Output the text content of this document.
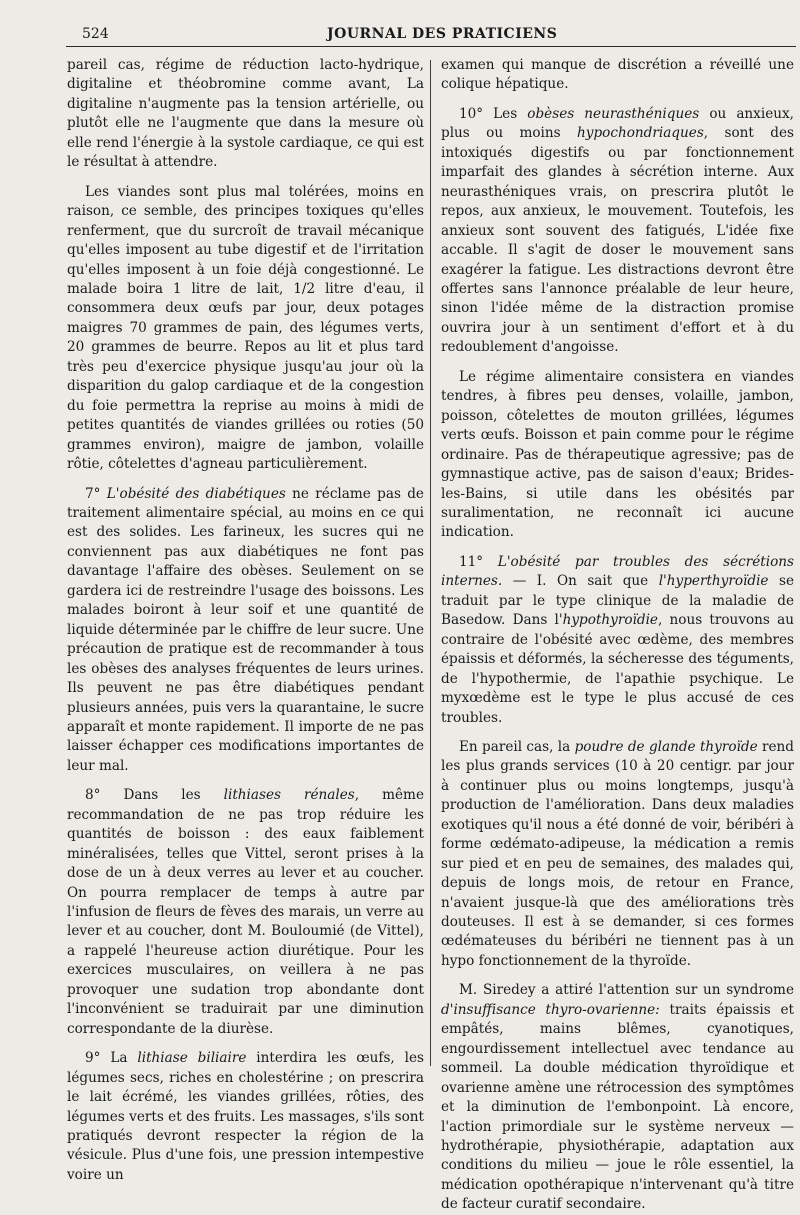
524	JOURNAL DES PRATICIENS

pareil cas, régime de réduction lacto-hydrique, digitaline et théobromine comme avant, La digitaline n'augmente pas la tension artérielle, ou plutôt elle ne l'augmente que dans la mesure où elle rend l'énergie à la systole cardiaque, ce qui est le résultat à attendre.

Les viandes sont plus mal tolérées, moins en raison, ce semble, des principes toxiques qu'elles renferment, que du surcroît de travail mécanique qu'elles imposent au tube digestif et de l'irritation qu'elles imposent à un foie déjà congestionné. Le malade boira 1 litre de lait, 1/2 litre d'eau, il consommera deux œufs par jour, deux potages maigres 70 grammes de pain, des légumes verts, 20 grammes de beurre. Repos au lit et plus tard très peu d'exercice physique jusqu'au jour où la disparition du galop cardiaque et de la congestion du foie permettra la reprise au moins à midi de petites quantités de viandes grillées ou roties (50 grammes environ), maigre de jambon, volaille rôtie, côtelettes d'agneau particulièrement.

7° L'obésité des diabétiques ne réclame pas de traitement alimentaire spécial, au moins en ce qui est des solides. Les farineux, les sucres qui ne conviennent pas aux diabétiques ne font pas davantage l'affaire des obèses. Seulement on se gardera ici de restreindre l'usage des boissons. Les malades boiront à leur soif et une quantité de liquide déterminée par le chiffre de leur sucre. Une précaution de pratique est de recommander à tous les obèses des analyses fréquentes de leurs urines. Ils peuvent ne pas être diabétiques pendant plusieurs années, puis vers la quarantaine, le sucre apparaît et monte rapidement. Il importe de ne pas laisser échapper ces modifications importantes de leur mal.

8° Dans les lithiases rénales, même recommandation de ne pas trop réduire les quantités de boisson : des eaux faiblement minéralisées, telles que Vittel, seront prises à la dose de un à deux verres au lever et au coucher. On pourra remplacer de temps à autre par l'infusion de fleurs de fèves des marais, un verre au lever et au coucher, dont M. Bouloumié (de Vittel), a rappelé l'heureuse action diurétique. Pour les exercices musculaires, on veillera à ne pas provoquer une sudation trop abondante dont l'inconvénient se traduirait par une diminution correspondante de la diurèse.

9° La lithiase biliaire interdira les œufs, les légumes secs, riches en cholestérine ; on prescrira le lait écrémé, les viandes grillées, rôties, des légumes verts et des fruits. Les massages, s'ils sont pratiqués devront respecter la région de la vésicule. Plus d'une fois, une pression intempestive voire un

examen qui manque de discrétion a réveillé une colique hépatique.

10° Les obèses neurasthéniques ou anxieux, plus ou moins hypochondriaques, sont des intoxiqués digestifs ou par fonctionnement imparfait des glandes à sécrétion interne. Aux neurasthéniques vrais, on prescrira plutôt le repos, aux anxieux, le mouvement. Toutefois, les anxieux sont souvent des fatigués, L'idée fixe accable. Il s'agit de doser le mouvement sans exagérer la fatigue. Les distractions devront être offertes sans l'annonce préalable de leur heure, sinon l'idée même de la distraction promise ouvrira jour à un sentiment d'effort et à du redoublement d'angoisse.

Le régime alimentaire consistera en viandes tendres, à fibres peu denses, volaille, jambon, poisson, côtelettes de mouton grillées, légumes verts œufs. Boisson et pain comme pour le régime ordinaire. Pas de thérapeutique agressive; pas de gymnastique active, pas de saison d'eaux; Brides-les-Bains, si utile dans les obésités par suralimentation, ne reconnaît ici aucune indication.

11° L'obésité par troubles des sécrétions internes. — I. On sait que l'hyperthyroïdie se traduit par le type clinique de la maladie de Basedow. Dans l'hypothyroïdie, nous trouvons au contraire de l'obésité avec œdème, des membres épaissis et déformés, la sécheresse des téguments, de l'hypothermie, de l'apathie psychique. Le myxœdème est le type le plus accusé de ces troubles.

En pareil cas, la poudre de glande thyroïde rend les plus grands services (10 à 20 centigr. par jour à continuer plus ou moins longtemps, jusqu'à production de l'amélioration. Dans deux maladies exotiques qu'il nous a été donné de voir, béribéri à forme œdémato-adipeuse, la médication a remis sur pied et en peu de semaines, des malades qui, depuis de longs mois, de retour en France, n'avaient jusque-là que des améliorations très douteuses. Il est à se demander, si ces formes œdémateuses du béribéri ne tiennent pas à un hypo fonctionnement de la thyroïde.

M. Siredey a attiré l'attention sur un syndrome d'insuffisance thyro-ovarienne: traits épaissis et empâtés, mains blêmes, cyanotiques, engourdissement intellectuel avec tendance au sommeil. La double médication thyroïdique et ovarienne amène une rétrocession des symptômes et la diminution de l'embonpoint. Là encore, l'action primordiale sur le système nerveux — hydrothérapie, physiothérapie, adaptation aux conditions du milieu — joue le rôle essentiel, la médication opothérapique n'intervenant qu'à titre de facteur curatif secondaire.
